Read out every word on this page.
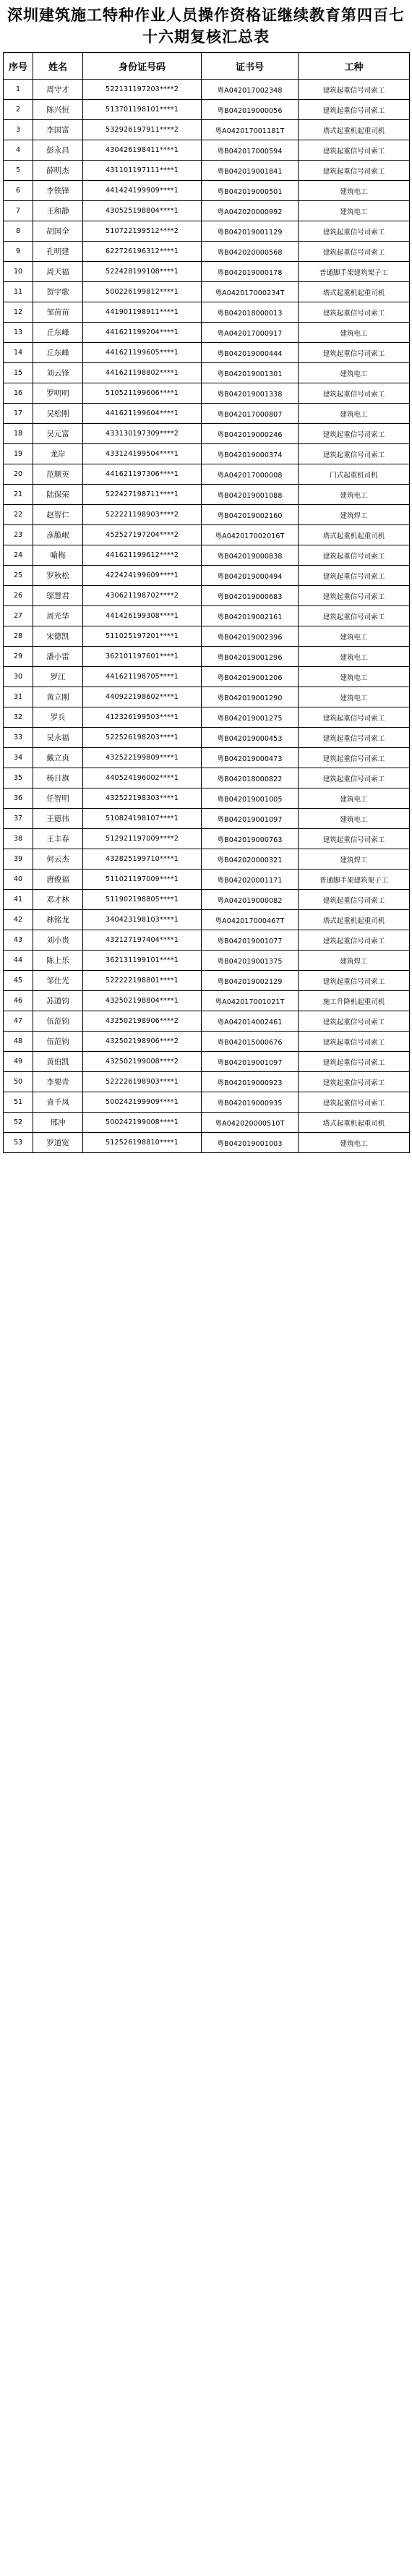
深圳建筑施工特种作业人员操作资格证继续教育第四百七十六期复核汇总表
序号	姓名	身份证号码	证书号	工种
1	周守才	522131197203****2	粤A042017002348	建筑起重信号司索工
2	陈兴恒	513701198101****1	粤B042019000056	建筑起重信号司索工
3	李国富	532926197911****2	粤A042017001181T	塔式起重机起重司机
4	彭永昌	430426198411****1	粤B042017000594	建筑起重信号司索工
5	薛明杰	431101197111****1	粤B042019001841	建筑起重信号司索工
6	李铁锋	441424199909****1	粤B042019000501	建筑电工
7	王和静	430525198804****1	粤A042020000992	建筑电工
8	胡国全	510722199512****2	粤B042019001129	建筑起重信号司索工
9	孔明建	622726196312****1	粤B042020000568	建筑起重信号司索工
10	周天福	522428199108****1	粤B042019000178	普通脚手架建筑架子工
11	贺宇歌	500226199812****1	粤A042017000234T	塔式起重机起重司机
12	邹苗苗	441901198911****1	粤B042018000013	建筑起重信号司索工
13	丘东峰	441621199204****1	粤A042017000917	建筑电工
14	丘东峰	441621199605****1	粤B042019000444	建筑起重信号司索工
15	刘云锋	441621198802****1	粤B042019001301	建筑电工
16	罗明明	510521199606****1	粤B042019001338	建筑起重信号司索工
17	吴松刚	441621199604****1	粤B042017000807	建筑电工
18	吴元富	433130197309****2	粤B042019000246	建筑起重信号司索工
19	龙岸	433124199504****1	粤B042019000374	建筑起重信号司索工
20	范顺英	441621197306****1	粤A042017000008	门式起重机司机
21	陆保荣	522427198711****1	粤B042019001088	建筑电工
22	赵智仁	522221198903****2	粤B042019002160	建筑焊工
23	彦脆岷	452527197204****2	粤A042017002016T	塔式起重机起重司机
24	喻梅	441621199612****2	粤B042019000838	建筑起重信号司索工
25	罗秋松	422424199609****1	粤B042019000494	建筑起重信号司索工
26	邬慧君	430621198702****2	粤B042019000683	建筑起重信号司索工
27	周光华	441426199308****1	粤B042019002161	建筑起重信号司索工
28	宋德凯	511025197201****1	粤B042019002396	建筑电工
29	潘小雷	362101197601****1	粤B042019001296	建筑电工
30	罗江	441621198705****1	粤B042019001206	建筑电工
31	黄立刚	440922198602****1	粤B042019001290	建筑电工
32	罗兵	412326199503****1	粤B042019001275	建筑起重信号司索工
33	吴永福	522526198203****1	粤B042019000453	建筑起重信号司索工
34	戴立贞	432522199809****1	粤B042019000473	建筑起重信号司索工
35	杨日旗	440524196002****1	粤B042018000822	建筑起重信号司索工
36	任智明	432522198303****1	粤B042019001005	建筑电工
37	王德伟	510824198107****1	粤B042019001097	建筑电工
38	王丰春	512921197009****2	粤B042019000763	建筑起重信号司索工
39	何云杰	432825199710****1	粤B042020000321	建筑焊工
40	唐俊福	511021197009****1	粤B042020001171	普通脚手架建筑架子工
41	邓才林	511902198805****1	粤A042019000082	建筑起重信号司索工
42	林铭龙	340423198103****1	粤A042017000467T	塔式起重机起重司机
43	刘小贵	432127197404****1	粤B042019001077	建筑起重信号司索工
44	陈上乐	362131199101****1	粤B042019001375	建筑焊工
45	邹仕光	522222198801****1	粤B042019002129	建筑起重信号司索工
46	苏道钧	432502198804****1	粤A042017001021T	施工升降机起重司机
47	伍范钧	432502198906****2	粤A042014002461	建筑起重信号司索工
48	伍范钧	432502198906****2	粤B042015000676	建筑起重信号司索工
49	黄伯凯	432502199008****2	粤B042019001097	建筑起重信号司索工
50	李要青	522226198903****1	粤B042019000923	建筑起重信号司索工
51	袁千凤	500242199909****1	粤B042019000935	建筑起重信号司索工
52	邢冲	500242199008****1	粤A042020000510T	塔式起重机起重司机
53	罗道宽	512526198810****1	粤B042019001003	建筑电工
